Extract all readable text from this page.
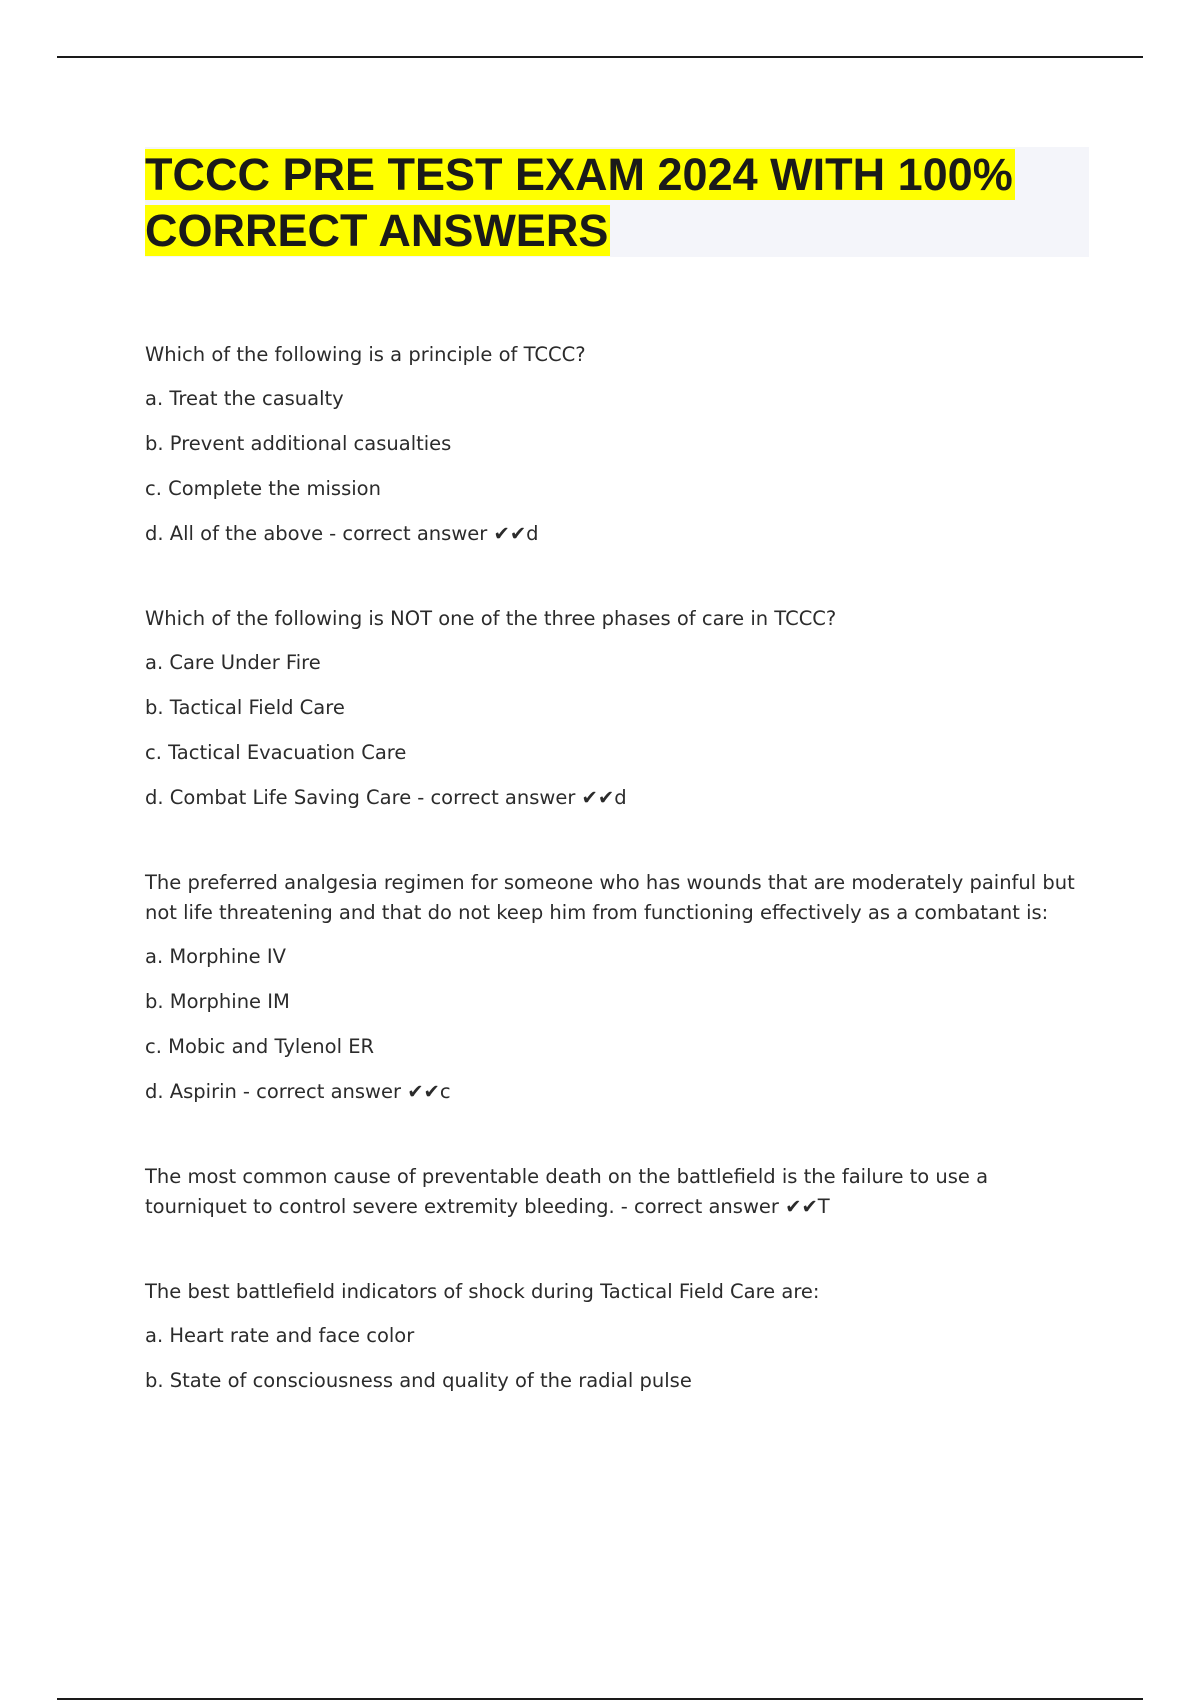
TCCC PRE TEST EXAM 2024 WITH 100%
CORRECT ANSWERS

Which of the following is a principle of TCCC?

a. Treat the casualty

b. Prevent additional casualties

c. Complete the mission

d. All of the above - correct answer ✔✔d

Which of the following is NOT one of the three phases of care in TCCC?

a. Care Under Fire

b. Tactical Field Care

c. Tactical Evacuation Care

d. Combat Life Saving Care - correct answer ✔✔d

The preferred analgesia regimen for someone who has wounds that are moderately painful but not life threatening and that do not keep him from functioning effectively as a combatant is:

a. Morphine IV

b. Morphine IM

c. Mobic and Tylenol ER

d. Aspirin - correct answer ✔✔c

The most common cause of preventable death on the battlefield is the failure to use a tourniquet to control severe extremity bleeding. - correct answer ✔✔T

The best battlefield indicators of shock during Tactical Field Care are:

a. Heart rate and face color

b. State of consciousness and quality of the radial pulse
